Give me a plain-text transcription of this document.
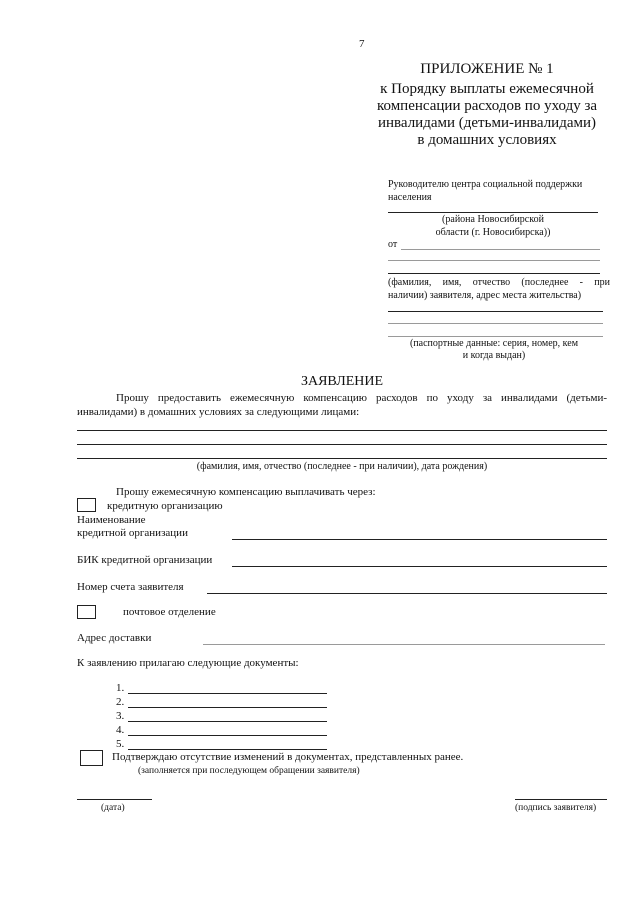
7
ПРИЛОЖЕНИЕ № 1
к Порядку выплаты ежемесячной
компенсации расходов по уходу за
инвалидами (детьми-инвалидами)
в домашних условиях
Руководителю центра социальной поддержки
населения
(района Новосибирской
области (г. Новосибирска))
от
(фамилия, имя, отчество (последнее - при
наличии) заявителя, адрес места жительства)
(паспортные данные: серия, номер, кем
и когда выдан)
ЗАЯВЛЕНИЕ
Прошу предоставить ежемесячную компенсацию расходов по уходу за инвалидами (детьми-
инвалидами) в домашних условиях за следующими лицами:
(фамилия, имя, отчество (последнее - при наличии), дата рождения)
Прошу ежемесячную компенсацию выплачивать через:
кредитную организацию
Наименование
кредитной организации
БИК кредитной организации
Номер счета заявителя
почтовое отделение
Адрес доставки
К заявлению прилагаю следующие документы:
1.
2.
3.
4.
5.
Подтверждаю отсутствие изменений в документах, представленных ранее.
(заполняется при последующем обращении заявителя)
(дата)	(подпись заявителя)
